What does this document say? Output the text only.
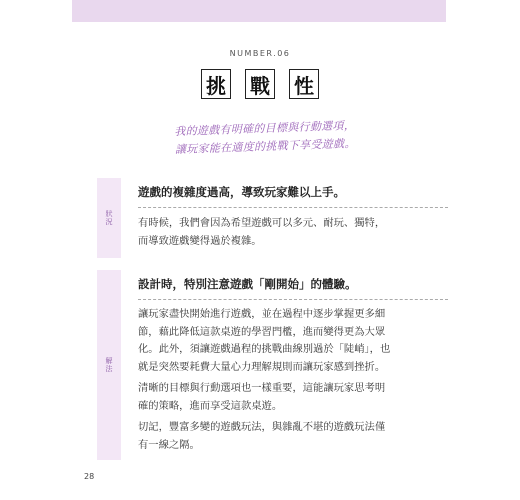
NUMBER.06
挑 戰 性
我的遊戲有明確的目標與行動選項，
讓玩家能在適度的挑戰下享受遊戲。
狀況
遊戲的複雜度過高，導致玩家難以上手。
有時候，我們會因為希望遊戲可以多元、耐玩、獨特，
而導致遊戲變得過於複雜。
解法
設計時，特別注意遊戲「剛開始」的體驗。
讓玩家盡快開始進行遊戲，並在過程中逐步掌握更多細
節，藉此降低這款桌遊的學習門檻，進而變得更為大眾
化。此外，須讓遊戲過程的挑戰曲線別過於「陡峭」，也
就是突然要耗費大量心力理解規則而讓玩家感到挫折。
清晰的目標與行動選項也一樣重要，這能讓玩家思考明
確的策略，進而享受這款桌遊。
切記，豐富多變的遊戲玩法，與雜亂不堪的遊戲玩法僅
有一線之隔。
28
